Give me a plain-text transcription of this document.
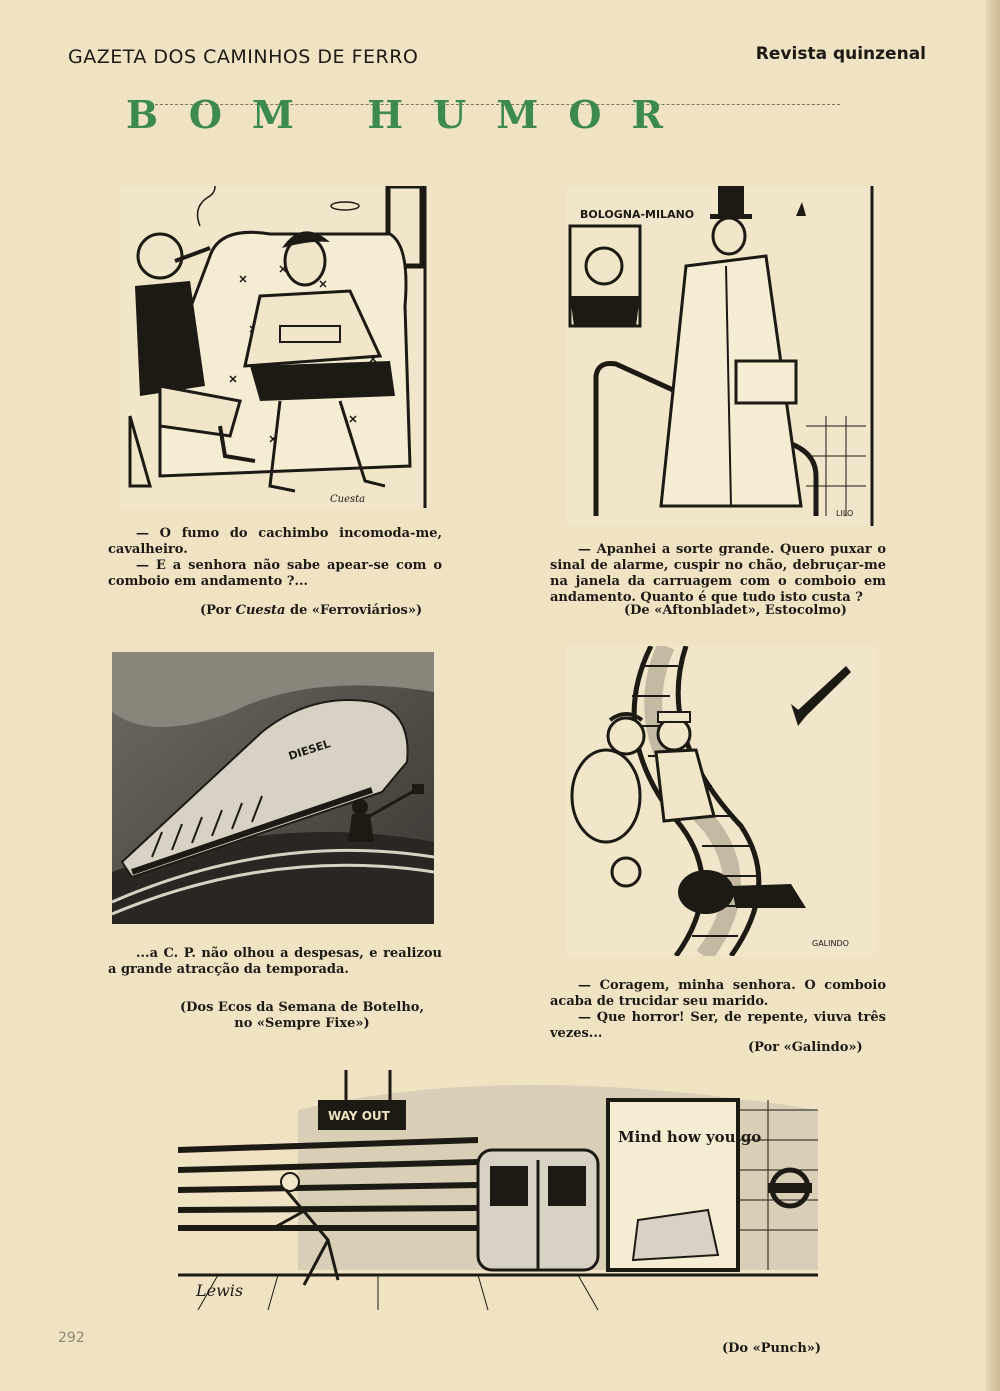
GAZETA DOS CAMINHOS DE FERRO	Revista quinzenal
BOM HUMOR
Cuesta

— O fumo do cachimbo incomoda-me, cavalheiro.

— E a senhora não sabe apear-se com o comboio em andamento ?...

(Por Cuesta de «Ferroviários»)
BOLOGNA-MILANO
LILO

— Apanhei a sorte grande. Quero puxar o sinal de alarme, cuspir no chão, debruçar-me na janela da carruagem com o comboio em andamento. Quanto é que tudo isto custa ?

(De «Aftonbladet», Estocolmo)
DIESEL

...a C. P. não olhou a despesas, e realizou a grande atracção da temporada.

(Dos Ecos da Semana de Botelho,
no «Sempre Fixe»)
GALINDO

— Coragem, minha senhora. O comboio acaba de trucidar seu marido.

— Que horror! Ser, de repente, viuva três vezes...

(Por «Galindo»)
WAY OUT
Mind how you go
Lewis
(Do «Punch»)
292
